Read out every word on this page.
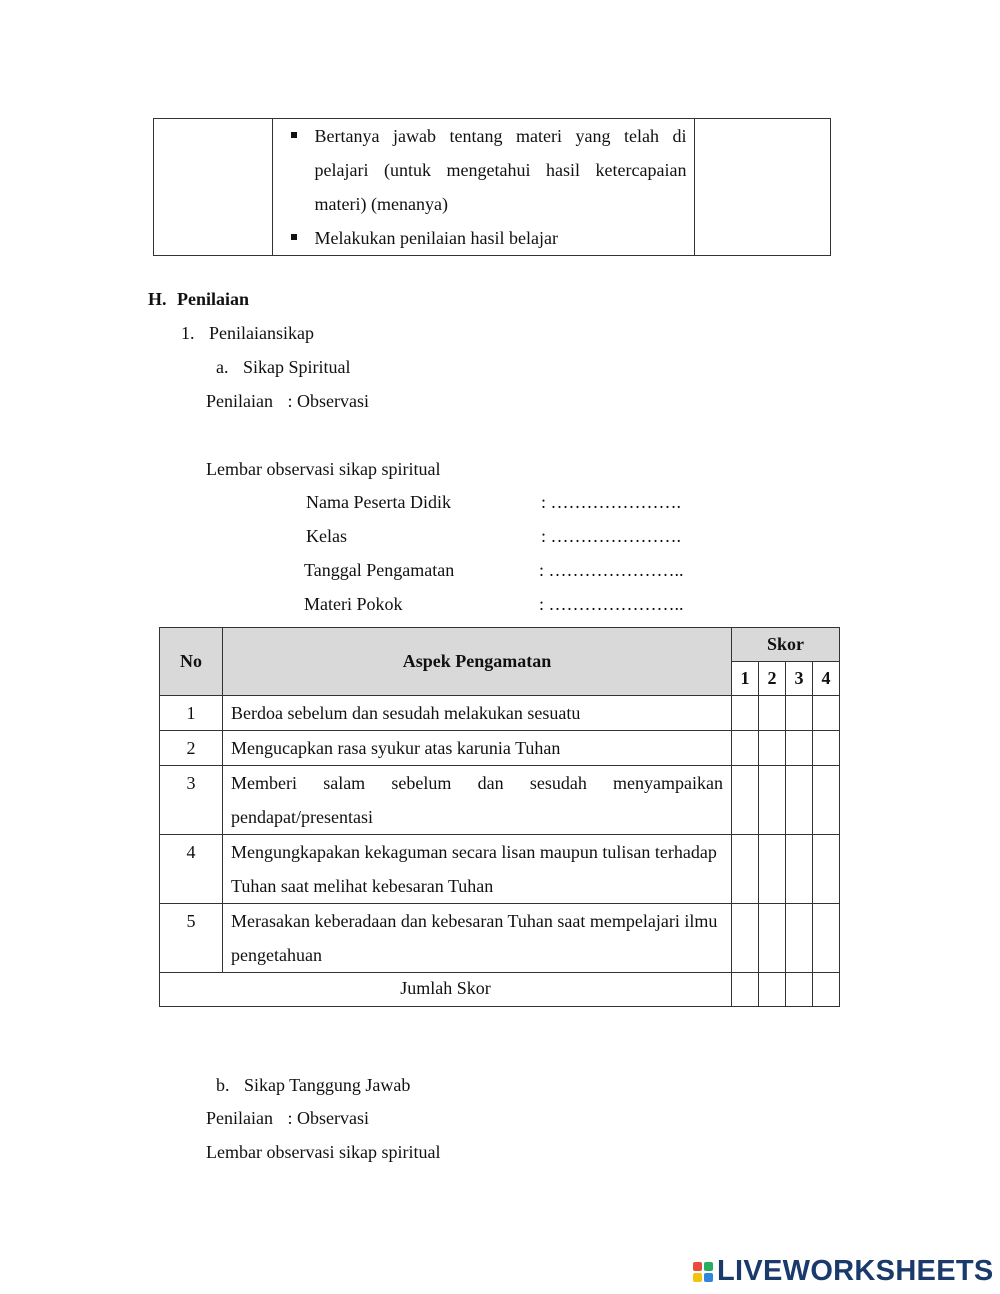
Bertanya jawab tentang materi yang telah di pelajari (untuk mengetahui hasil ketercapaian materi) (menanya)
Melakukan penilaian hasil belajar

H. Penilaian
1. Penilaiansikap
a. Sikap Spiritual
Penilaian : Observasi
Lembar observasi sikap spiritual
Nama Peserta Didik	: ………………….
Kelas	: ………………….
Tanggal Pengamatan	: …………………..
Materi Pokok	: …………………..
No	Aspek Pengamatan	Skor			
		1	2	3	4
1	Berdoa sebelum dan sesudah melakukan sesuatu				
2	Mengucapkan rasa syukur atas karunia Tuhan				
3	Memberi salam sebelum dan sesudah menyampaikan pendapat/presentasi				
4	Mengungkapakan kekaguman secara lisan maupun tulisan terhadap Tuhan saat melihat kebesaran Tuhan				
5	Merasakan keberadaan dan kebesaran Tuhan saat mempelajari ilmu pengetahuan				
Jumlah Skor					
b. Sikap Tanggung Jawab
Penilaian : Observasi
Lembar observasi sikap spiritual
LIVEWORKSHEETS
